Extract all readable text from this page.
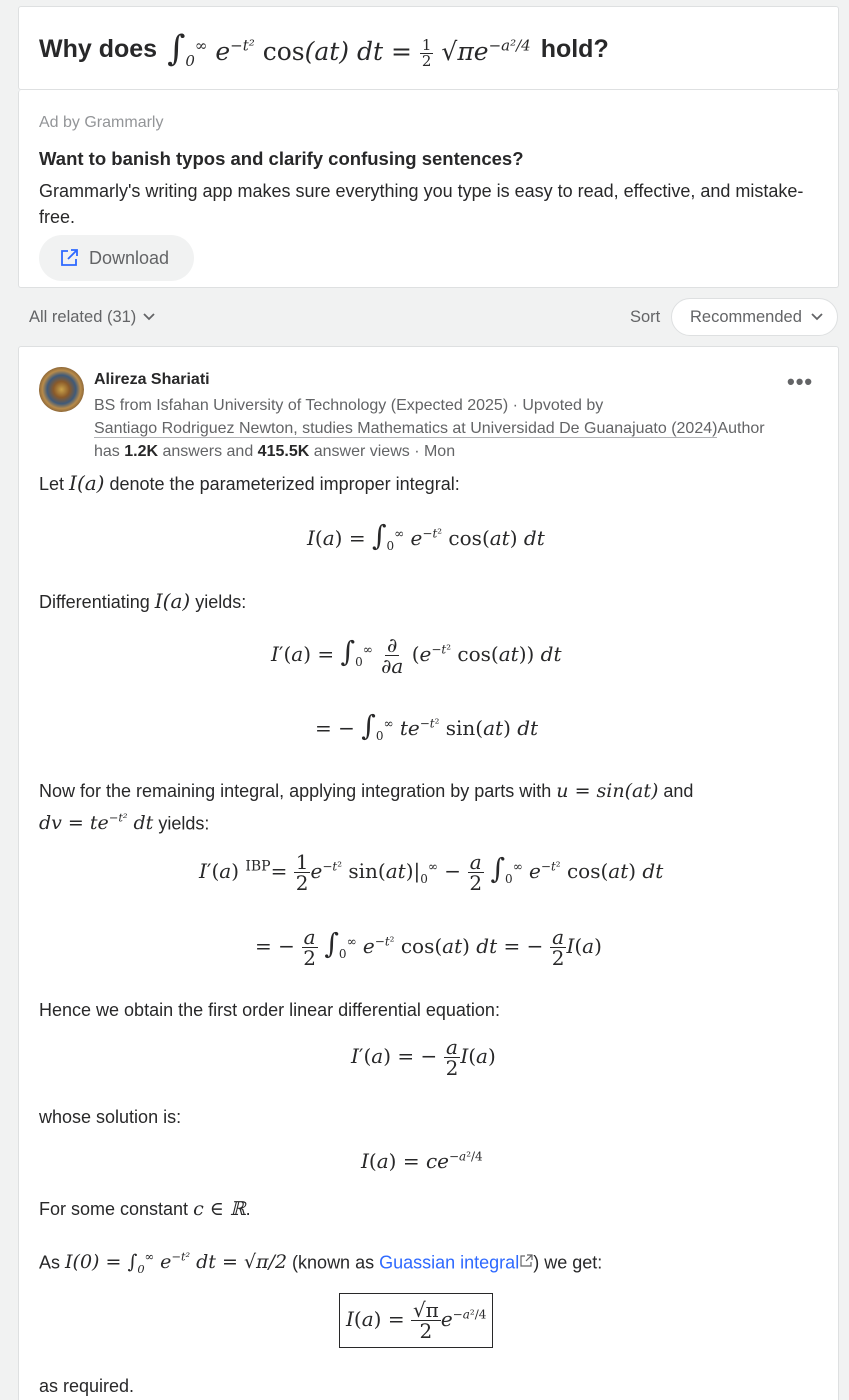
Why does $\int_0^\infty$ $e^{-t^2}$ cos(at) dt = $\frac{1}{2} √\pi e^{-a^2/4}$ hold?
Ad by Grammarly
Want to banish typos and clarify confusing sentences?
Grammarly's writing app makes sure everything you type is easy to read, effective, and mistake-free.
Download
All related (31)	Sort Recommended
Alireza Shariati	•••
BS from Isfahan University of Technology (Expected 2025) · Upvoted by
Santiago Rodriguez Newton, studies Mathematics at Universidad De Guanajuato (2024)Author
has 1.2K answers and 415.5K answer views · Mon
Let I(a) denote the parameterized improper integral:
$I(a) = \int_0^\infty$ $e^{-t^2}$ cos(at) dt
Differentiating I(a) yields:
$I'(a) = \int_0^\infty \frac{\partial}{\partial a} (e^{-t^2}$ cos(at)) dt
= − $\int_0^\infty$ $te^{-t^2}$ sin(at) dt
Now for the remaining integral, applying integration by parts with u = sin(at) and
dv = $te^{-t^2}$ dt yields:
I′(a) $^{IBP}= \frac{1}{2} e^{-t^2}$ $\sin(at)|_0^\infty - \frac{a}{2} \int_0^\infty$ $e^{-t^2}$ cos(at) dt
= − $\frac{a}{2} \int_0^\infty$ $e^{-t^2}$ cos(at) dt = − $\frac{a}{2} I(a)$
Hence we obtain the first order linear differential equation:
I′(a) = − $\frac{a}{2} I(a)$
whose solution is:
$I(a) = ce^{-a^2/4}$
For some constant c ∈ ℝ.
As $I(0) = \int_0^\infty$ $e^{-t^2}$ dt = √π/2 (known as Guassian integral ) we get:
$I(a) = \frac{√\pi}{2} e^{-a^2/4}$
as required.
